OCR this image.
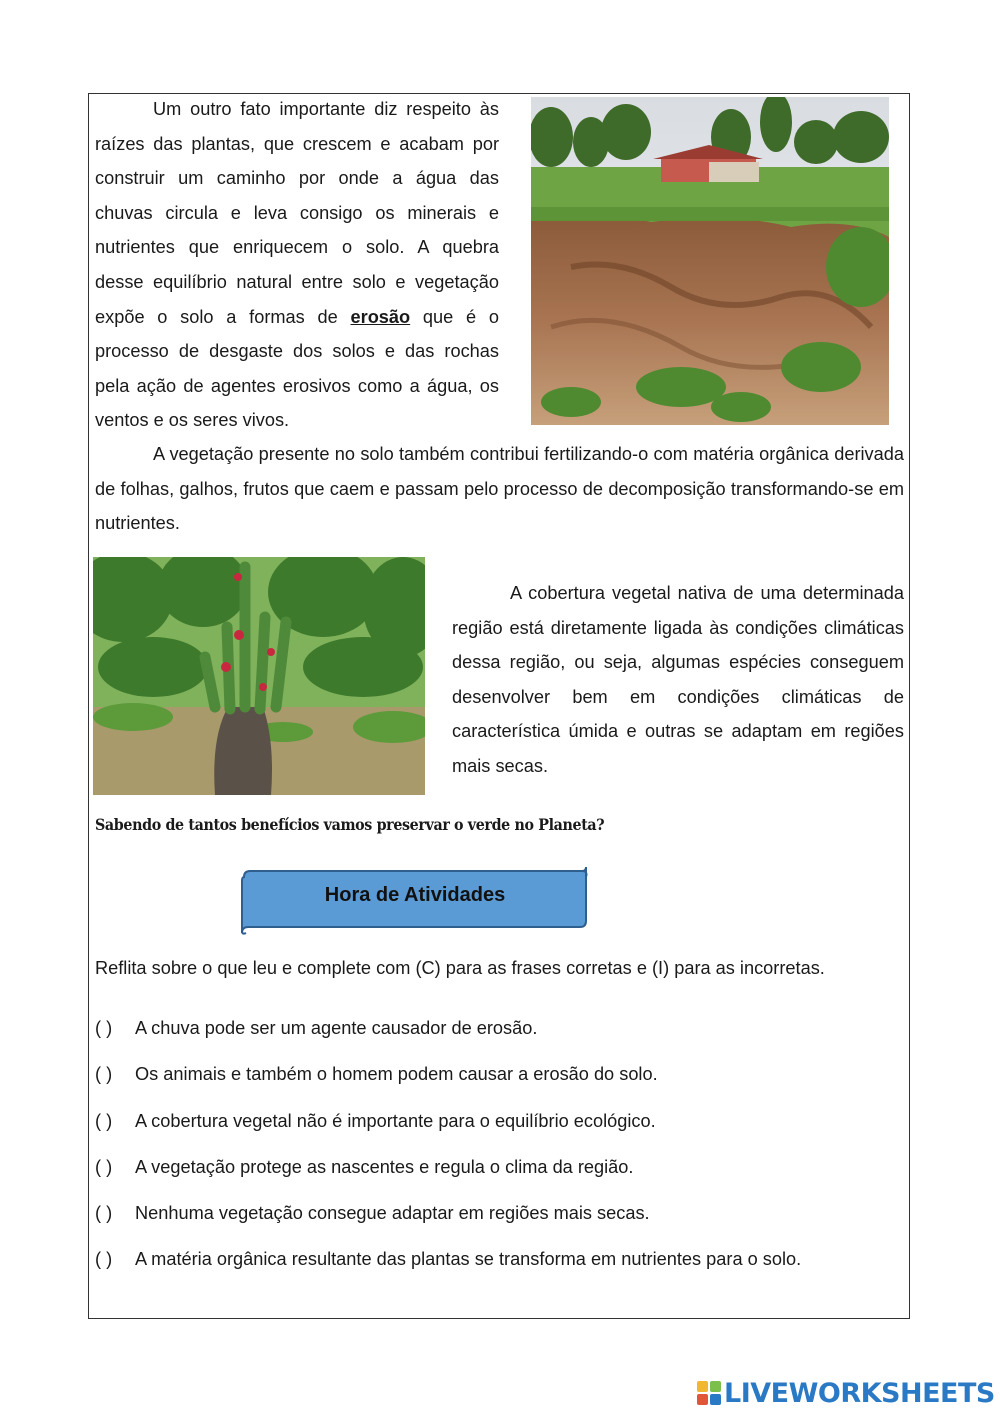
Um outro fato importante diz respeito às raízes das plantas, que crescem e acabam por construir um caminho por onde a água das chuvas circula e leva consigo os minerais e nutrientes que enriquecem o solo. A quebra desse equilíbrio natural entre solo e vegetação expõe o solo a formas de erosão que é o processo de desgaste dos solos e das rochas pela ação de agentes erosivos como a água, os ventos e os seres vivos.

A vegetação presente no solo também contribui fertilizando-o com matéria orgânica derivada de folhas, galhos, frutos que caem e passam pelo processo de decomposição transformando-se em nutrientes.

A cobertura vegetal nativa de uma determinada região está diretamente ligada às condições climáticas dessa região, ou seja, algumas espécies conseguem desenvolver bem em condições climáticas de característica úmida e outras se adaptam em regiões mais secas.

Sabendo de tantos benefícios vamos preservar o verde no Planeta?

Hora de Atividades

Reflita sobre o que leu e complete com (C) para as frases corretas e (I) para as incorretas.

( ) A chuva pode ser um agente causador de erosão.
( ) Os animais e também o homem podem causar a erosão do solo.
( ) A cobertura vegetal não é importante para o equilíbrio ecológico.
( ) A vegetação protege as nascentes e regula o clima da região.
( ) Nenhuma vegetação consegue adaptar em regiões mais secas.
( ) A matéria orgânica resultante das plantas se transforma em nutrientes para o solo.
LIVEWORKSHEETS
